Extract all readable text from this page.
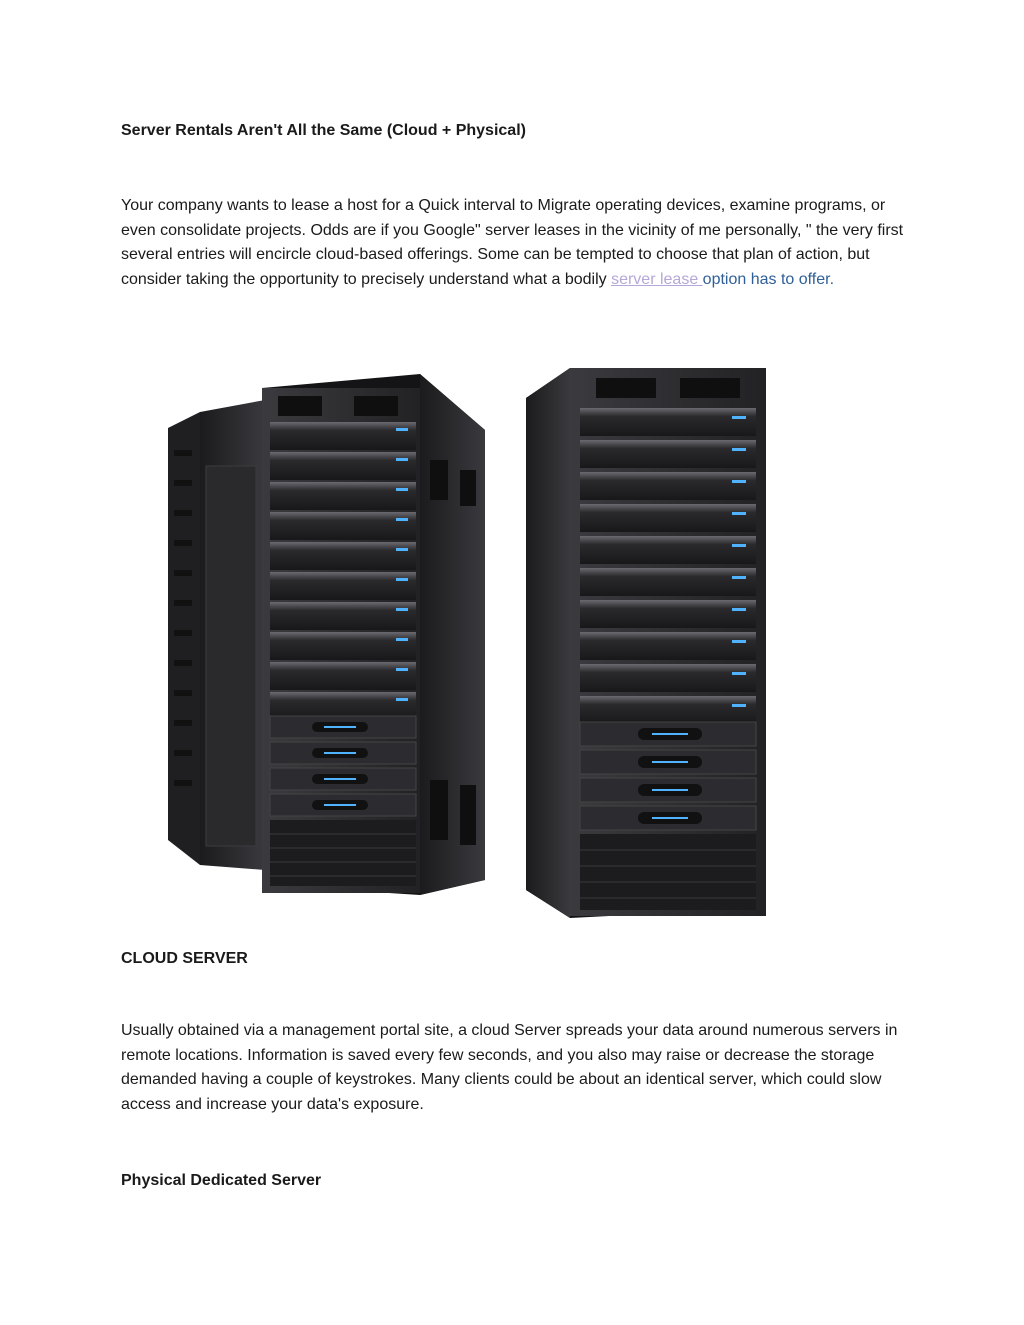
Server Rentals Aren't All the Same (Cloud + Physical)
Your company wants to lease a host for a Quick interval to Migrate operating devices, examine programs, or even consolidate projects. Odds are if you Google" server leases in the vicinity of me personally, " the very first several entries will encircle cloud-based offerings. Some can be tempted to choose that plan of action, but consider taking the opportunity to precisely understand what a bodily server lease option has to offer.
CLOUD SERVER
Usually obtained via a management portal site, a cloud Server spreads your data around numerous servers in remote locations. Information is saved every few seconds, and you also may raise or decrease the storage demanded having a couple of keystrokes. Many clients could be about an identical server, which could slow access and increase your data's exposure.
Physical Dedicated Server
